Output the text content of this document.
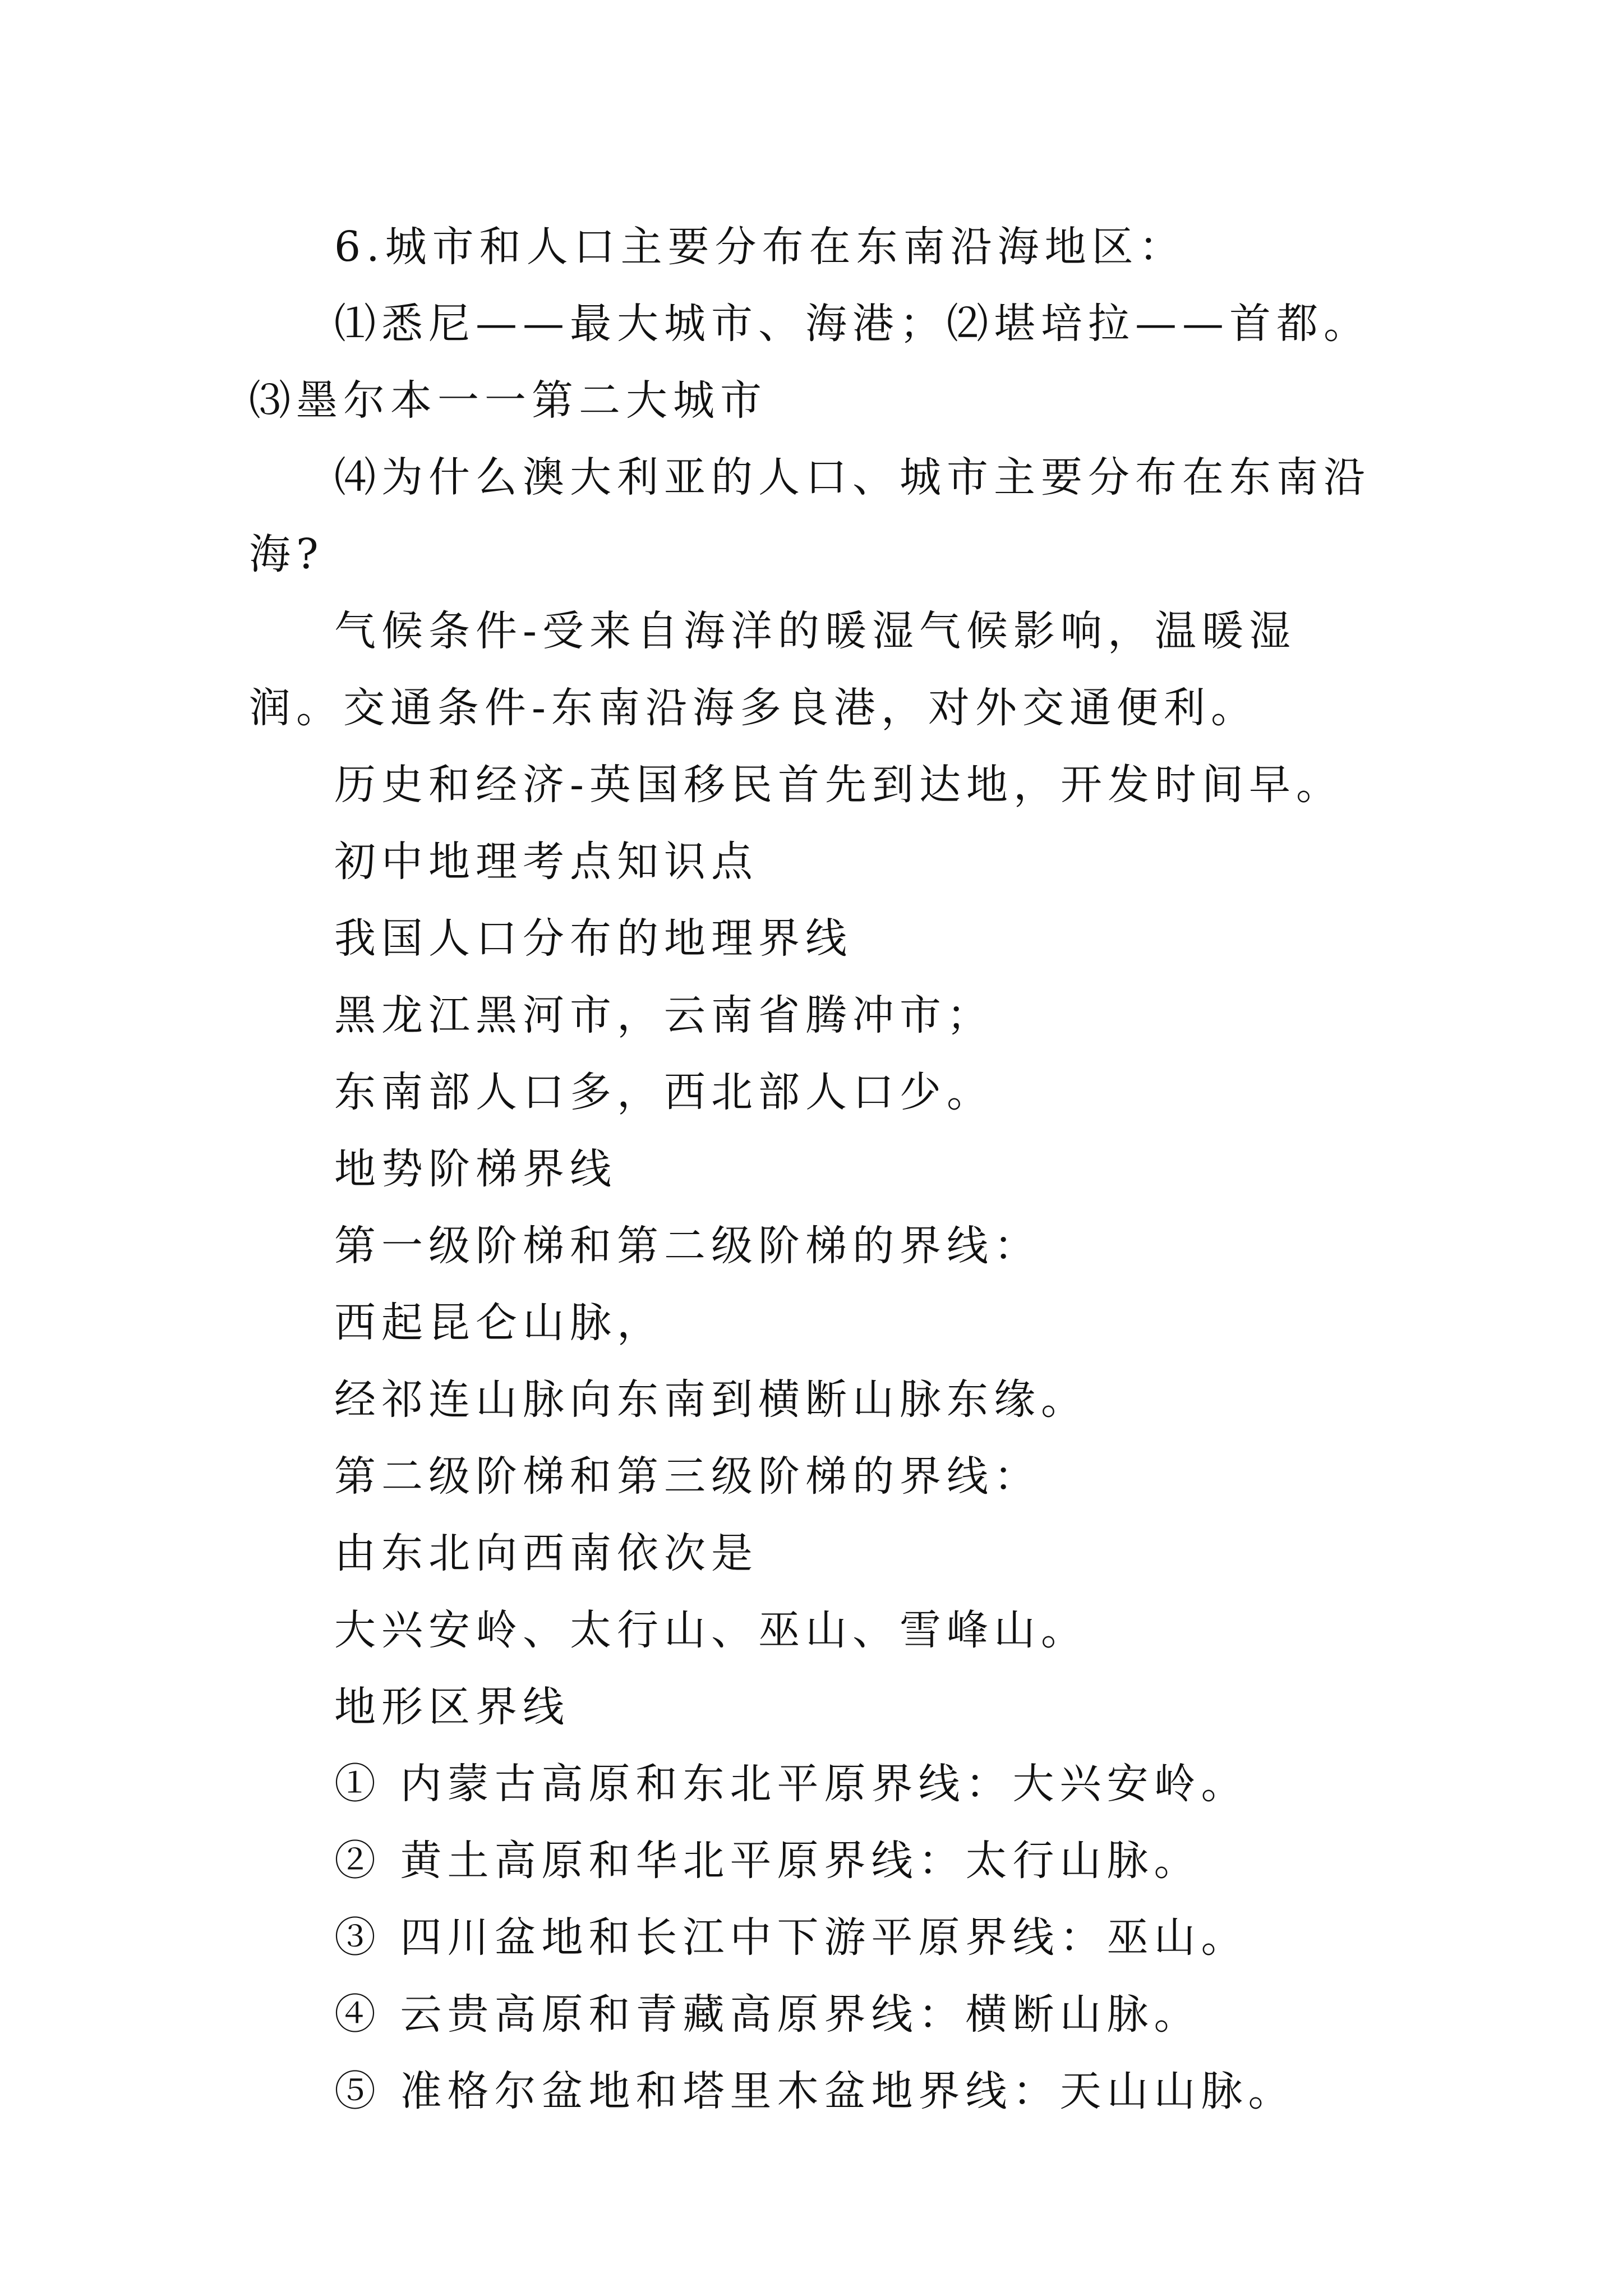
6.城市和人口主要分布在东南沿海地区：

⑴悉尼——最大城市、海港；⑵堪培拉——首都。⑶墨尔本一一第二大城市

⑷为什么澳大利亚的人口、城市主要分布在东南沿海?

气候条件-受来自海洋的暖湿气候影响，温暖湿润。交通条件-东南沿海多良港，对外交通便利。

历史和经济-英国移民首先到达地，开发时间早。

初中地理考点知识点

我国人口分布的地理界线

黑龙江黑河市，云南省腾冲市；

东南部人口多，西北部人口少。

地势阶梯界线

第一级阶梯和第二级阶梯的界线：

西起昆仑山脉，

经祁连山脉向东南到横断山脉东缘。

第二级阶梯和第三级阶梯的界线：

由东北向西南依次是

大兴安岭、太行山、巫山、雪峰山。

地形区界线

① 内蒙古高原和东北平原界线：大兴安岭。

② 黄土高原和华北平原界线：太行山脉。

③ 四川盆地和长江中下游平原界线：巫山。

④ 云贵高原和青藏高原界线：横断山脉。

⑤ 准格尔盆地和塔里木盆地界线：天山山脉。
